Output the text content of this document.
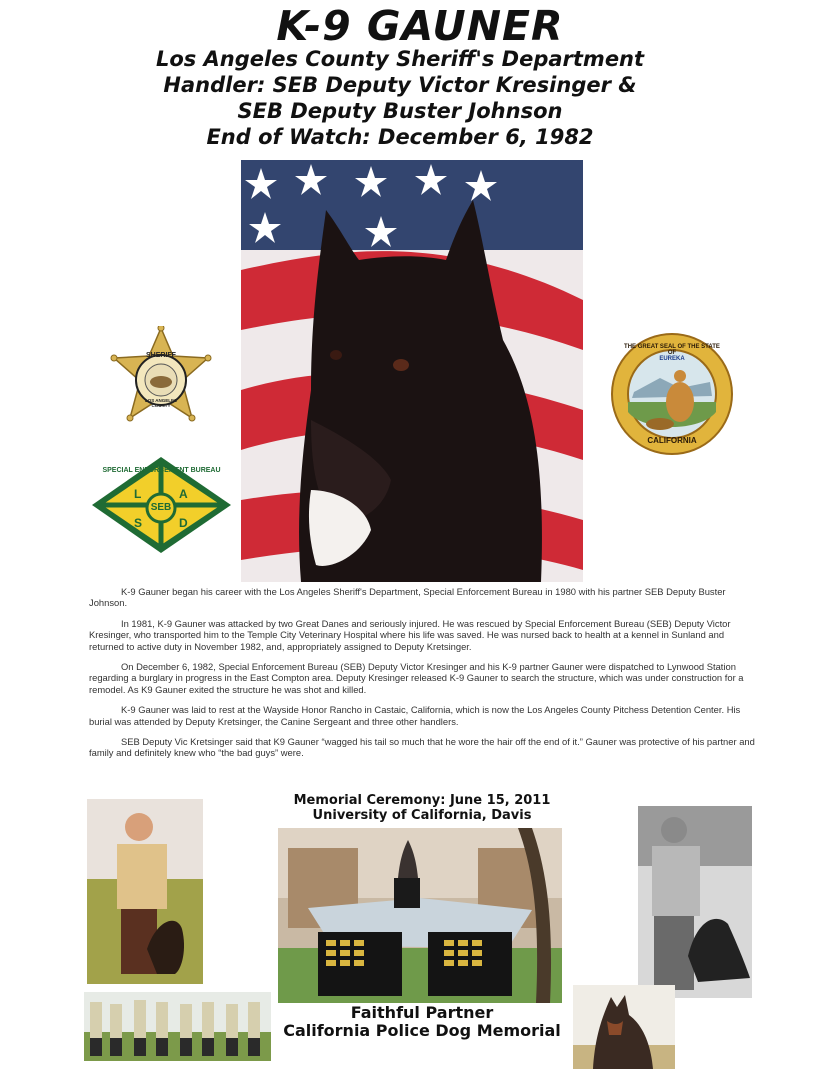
K-9 GAUNER
Los Angeles County Sheriff's Department
Handler: SEB Deputy Victor Kresinger &
SEB Deputy Buster Johnson
End of Watch: December 6, 1982
SHERIFF
LOS ANGELES COUNTY
SPECIAL ENFORCEMENT BUREAU
L	A
S	D
SEB
THE GREAT SEAL OF THE STATE OF
EUREKA
CALIFORNIA

K-9 Gauner began his career with the Los Angeles Sheriff's Department, Special Enforcement Bureau in 1980 with his partner SEB Deputy Buster Johnson.

In 1981, K-9 Gauner was attacked by two Great Danes and seriously injured. He was rescued by Special Enforcement Bureau (SEB) Deputy Victor Kresinger, who transported him to the Temple City Veterinary Hospital where his life was saved. He was nursed back to health at a kennel in Sunland and returned to active duty in November 1982, and, appropriately assigned to Deputy Kretsinger.

On December 6, 1982, Special Enforcement Bureau (SEB) Deputy Victor Kresinger and his K-9 partner Gauner were dispatched to Lynwood Station regarding a burglary in progress in the East Compton area. Deputy Kresinger released K-9 Gauner to search the structure, which was under construction for a remodel. As K9 Gauner exited the structure he was shot and killed.

K-9 Gauner was laid to rest at the Wayside Honor Rancho in Castaic, California, which is now the Los Angeles County Pitchess Detention Center. His burial was attended by Deputy Kretsinger, the Canine Sergeant and three other handlers.

SEB Deputy Vic Kretsinger said that K9 Gauner “wagged his tail so much that he wore the hair off the end of it.” Gauner was protective of his partner and family and definitely knew who “the bad guys” were.

Memorial Ceremony: June 15, 2011
University of California, Davis
Faithful Partner
California Police Dog Memorial
